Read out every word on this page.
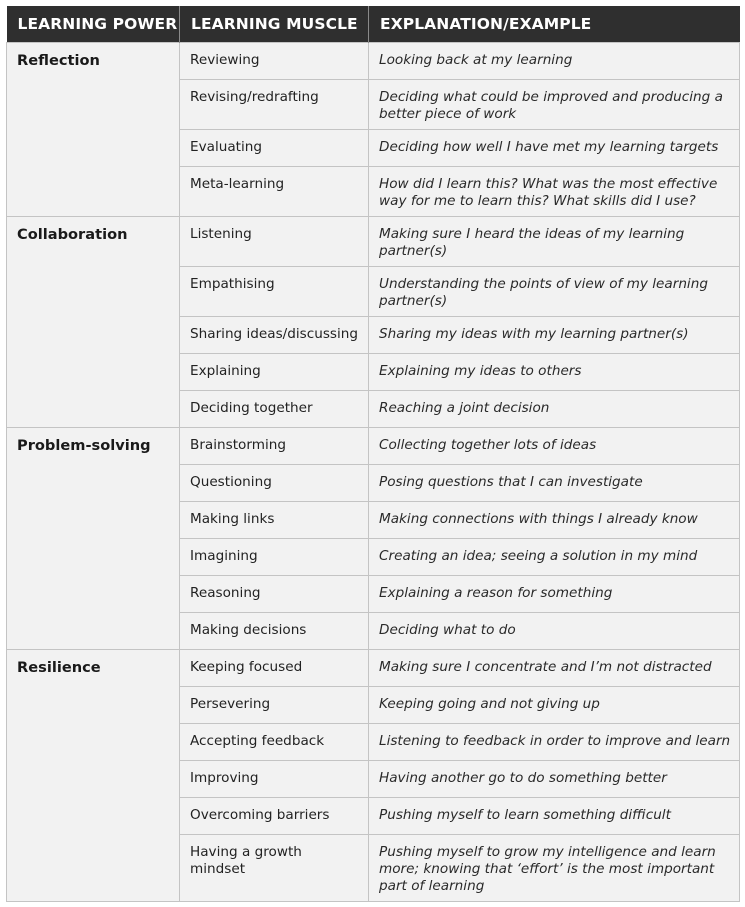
LEARNING POWER	LEARNING MUSCLE	EXPLANATION/EXAMPLE
Reflection	Reviewing	Looking back at my learning
	Revising/redrafting	Deciding what could be improved and producing a better piece of work
	Evaluating	Deciding how well I have met my learning targets
	Meta-learning	How did I learn this? What was the most effective way for me to learn this? What skills did I use?
Collaboration	Listening	Making sure I heard the ideas of my learning partner(s)
	Empathising	Understanding the points of view of my learning partner(s)
	Sharing ideas/discussing	Sharing my ideas with my learning partner(s)
	Explaining	Explaining my ideas to others
	Deciding together	Reaching a joint decision
Problem-solving	Brainstorming	Collecting together lots of ideas
	Questioning	Posing questions that I can investigate
	Making links	Making connections with things I already know
	Imagining	Creating an idea; seeing a solution in my mind
	Reasoning	Explaining a reason for something
	Making decisions	Deciding what to do
Resilience	Keeping focused	Making sure I concentrate and I’m not distracted
	Persevering	Keeping going and not giving up
	Accepting feedback	Listening to feedback in order to improve and learn
	Improving	Having another go to do something better
	Overcoming barriers	Pushing myself to learn something difficult
	Having a growth mindset	Pushing myself to grow my intelligence and learn more; knowing that ‘effort’ is the most important part of learning
